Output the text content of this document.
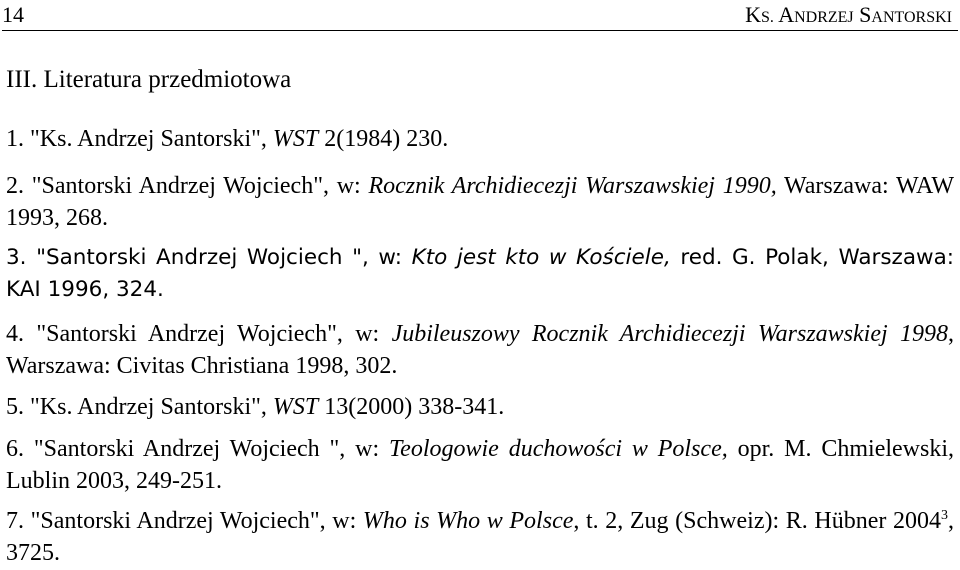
14	KS. ANDRZEJ SANTORSKI
III. Literatura przedmiotowa
1. "Ks. Andrzej Santorski", WST 2(1984) 230.
2. "Santorski Andrzej Wojciech", w: Rocznik Archidiecezji Warszawskiej 1990, Warszawa: WAW 1993, 268.
3. "Santorski Andrzej Wojciech ", w: Kto jest kto w Kościele, red. G. Polak, Warszawa: KAI 1996, 324.
4. "Santorski Andrzej Wojciech", w: Jubileuszowy Rocznik Archidiecezji Warszawskiej 1998, Warszawa: Civitas Christiana 1998, 302.
5. "Ks. Andrzej Santorski", WST 13(2000) 338-341.
6. "Santorski Andrzej Wojciech ", w: Teologowie duchowości w Polsce, opr. M. Chmielewski, Lublin 2003, 249-251.
7. "Santorski Andrzej Wojciech", w: Who is Who w Polsce, t. 2, Zug (Schweiz): R. Hübner 2004$^3$, 3725.
